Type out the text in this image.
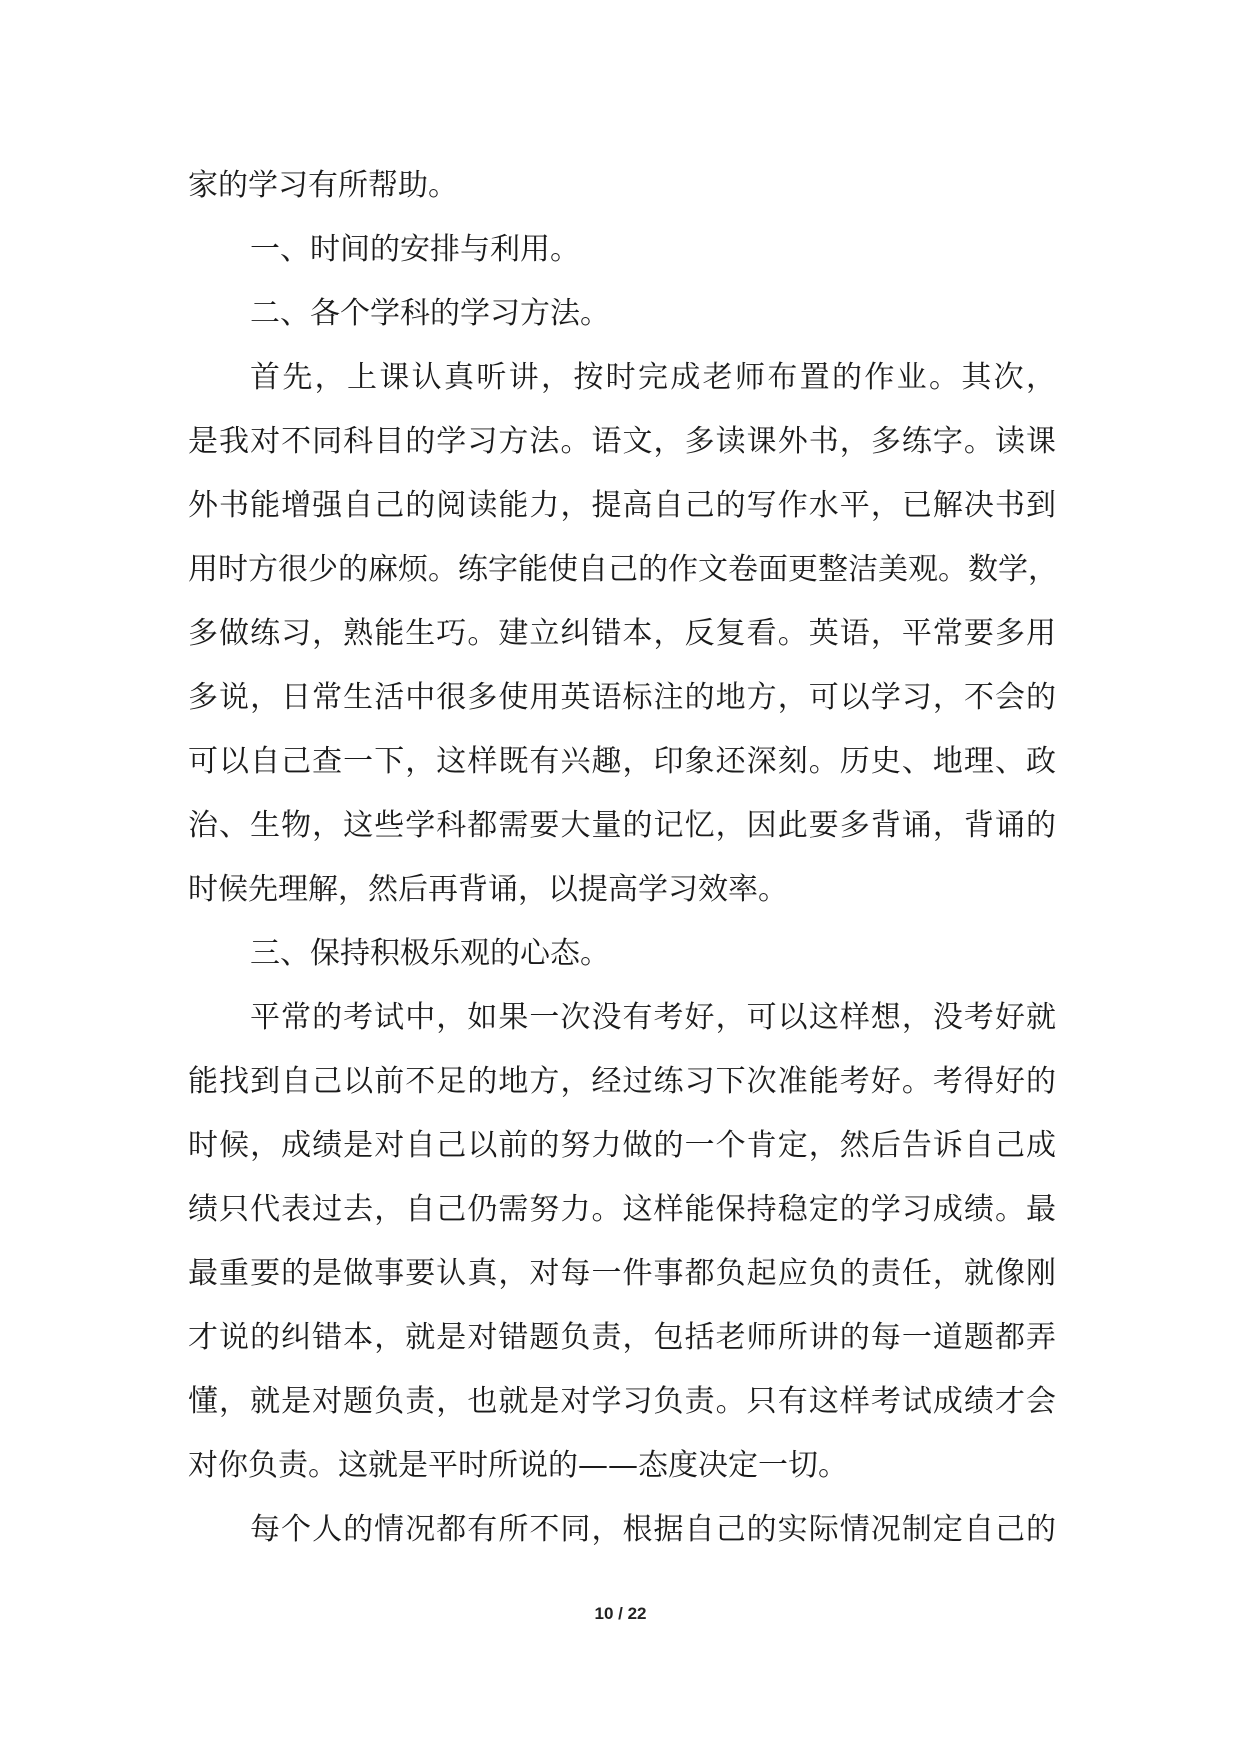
家的学习有所帮助。
一、时间的安排与利用。
二、各个学科的学习方法。
首先，上课认真听讲，按时完成老师布置的作业。其次，
是我对不同科目的学习方法。语文，多读课外书，多练字。读课
外书能增强自己的阅读能力，提高自己的写作水平，已解决书到
用时方很少的麻烦。练字能使自己的作文卷面更整洁美观。数学，
多做练习，熟能生巧。建立纠错本，反复看。英语，平常要多用
多说，日常生活中很多使用英语标注的地方，可以学习，不会的
可以自己查一下，这样既有兴趣，印象还深刻。历史、地理、政
治、生物，这些学科都需要大量的记忆，因此要多背诵，背诵的
时候先理解，然后再背诵，以提高学习效率。
三、保持积极乐观的心态。
平常的考试中，如果一次没有考好，可以这样想，没考好就
能找到自己以前不足的地方，经过练习下次准能考好。考得好的
时候，成绩是对自己以前的努力做的一个肯定，然后告诉自己成
绩只代表过去，自己仍需努力。这样能保持稳定的学习成绩。最
最重要的是做事要认真，对每一件事都负起应负的责任，就像刚
才说的纠错本，就是对错题负责，包括老师所讲的每一道题都弄
懂，就是对题负责，也就是对学习负责。只有这样考试成绩才会
对你负责。这就是平时所说的——态度决定一切。
每个人的情况都有所不同，根据自己的实际情况制定自己的
10 / 22
